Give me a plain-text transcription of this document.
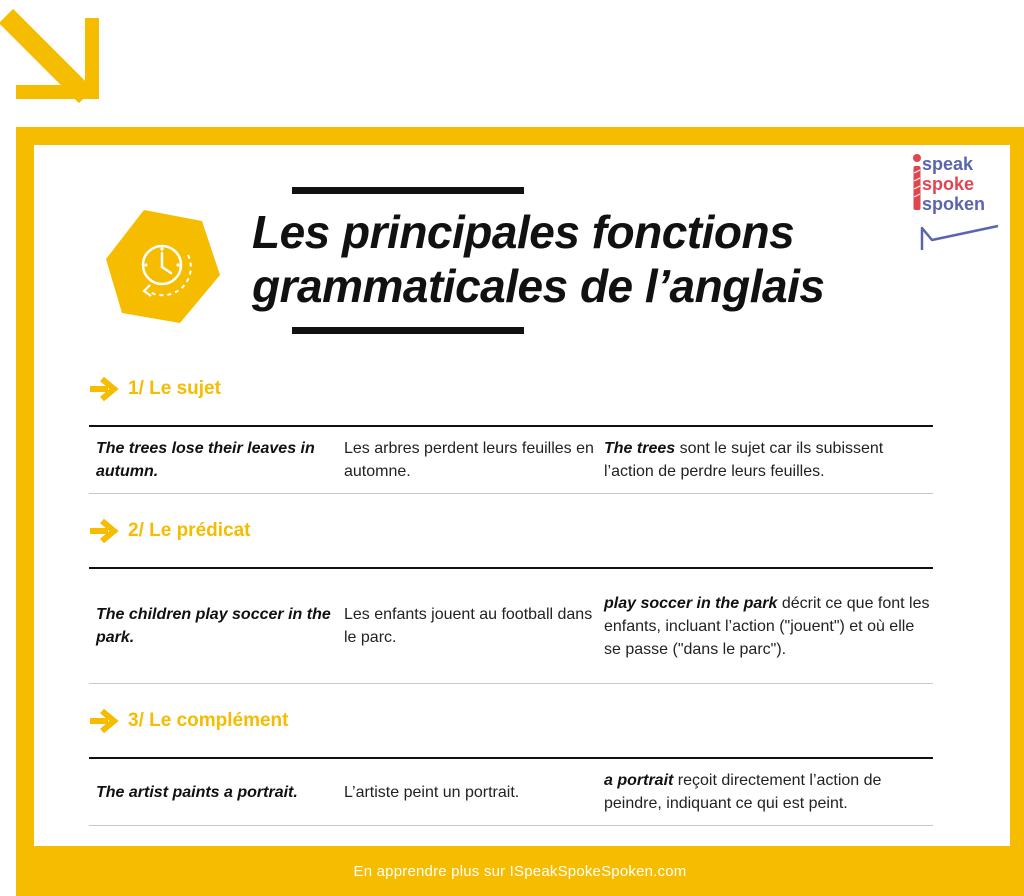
speak
spoke
spoken
Les principales fonctions
grammaticales de l’anglais
1/ Le sujet
The trees lose their leaves in autumn.
Les arbres perdent leurs feuilles en automne.
The trees sont le sujet car ils subissent l’action de perdre leurs feuilles.
2/ Le prédicat
The children play soccer in the park.
Les enfants jouent au football dans le parc.
play soccer in the park décrit ce que font les enfants, incluant l’action ("jouent") et où elle se passe ("dans le parc").
3/ Le complément
The artist paints a portrait.	L’artiste peint un portrait.
a portrait reçoit directement l’action de peindre, indiquant ce qui est peint.
En apprendre plus sur ISpeakSpokeSpoken.com
